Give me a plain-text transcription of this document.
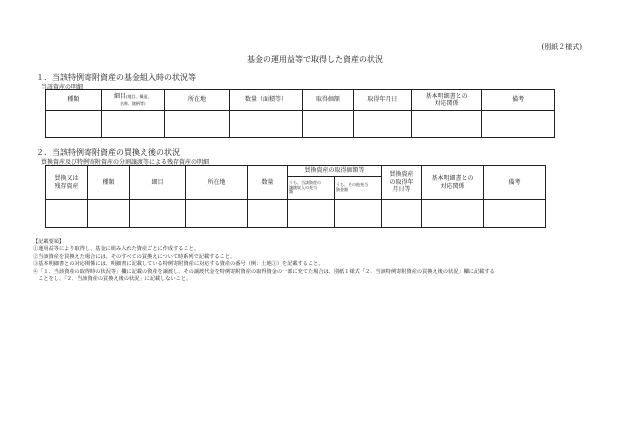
(別紙２様式)
基金の運用益等で取得した資産の状況
１．当該特例寄附資産の基金組入時の状況等
当該資産の明細
種類	細目(地目、構造、
名称、銘柄等)	所在地	数量（面積等）	取得価額	取得年月日	基本明細書との
対応関係	備考

２．当該特例寄附資産の買換え後の状況
買換資産及び特例寄附資産の分割譲渡等による残存資産の明細
買換又は
残存資産	種類	細目	所在地	数量	買換資産の取得価額等		買換資産
の取得年
月日等	基本明細書との
対応関係	備考
					うち、当該資産の
譲渡収入の充当
額	うち、その他充当
資金額			

【記載要領】
①運用益等により取得し、基金に組み入れた資産ごとに作成すること。
②当該資産を買換えた場合には、そのすべての買換えについて時系列で記載すること。
③基本明細書との対応関係には、明細書に記載している特例寄附資産に対応する資産の番号（例：土地①）を記載すること。
④「１．当該資産の取得時の状況等」欄に記載の資産を譲渡し、その譲渡代金を特例寄附資産の取得資金の一部に充てた場合は、別紙１様式「２．当該特例寄附資産の買換え後の状況」欄に記載する
　ことをし、「２．当該資産の買換え後の状況」に記載しないこと。
